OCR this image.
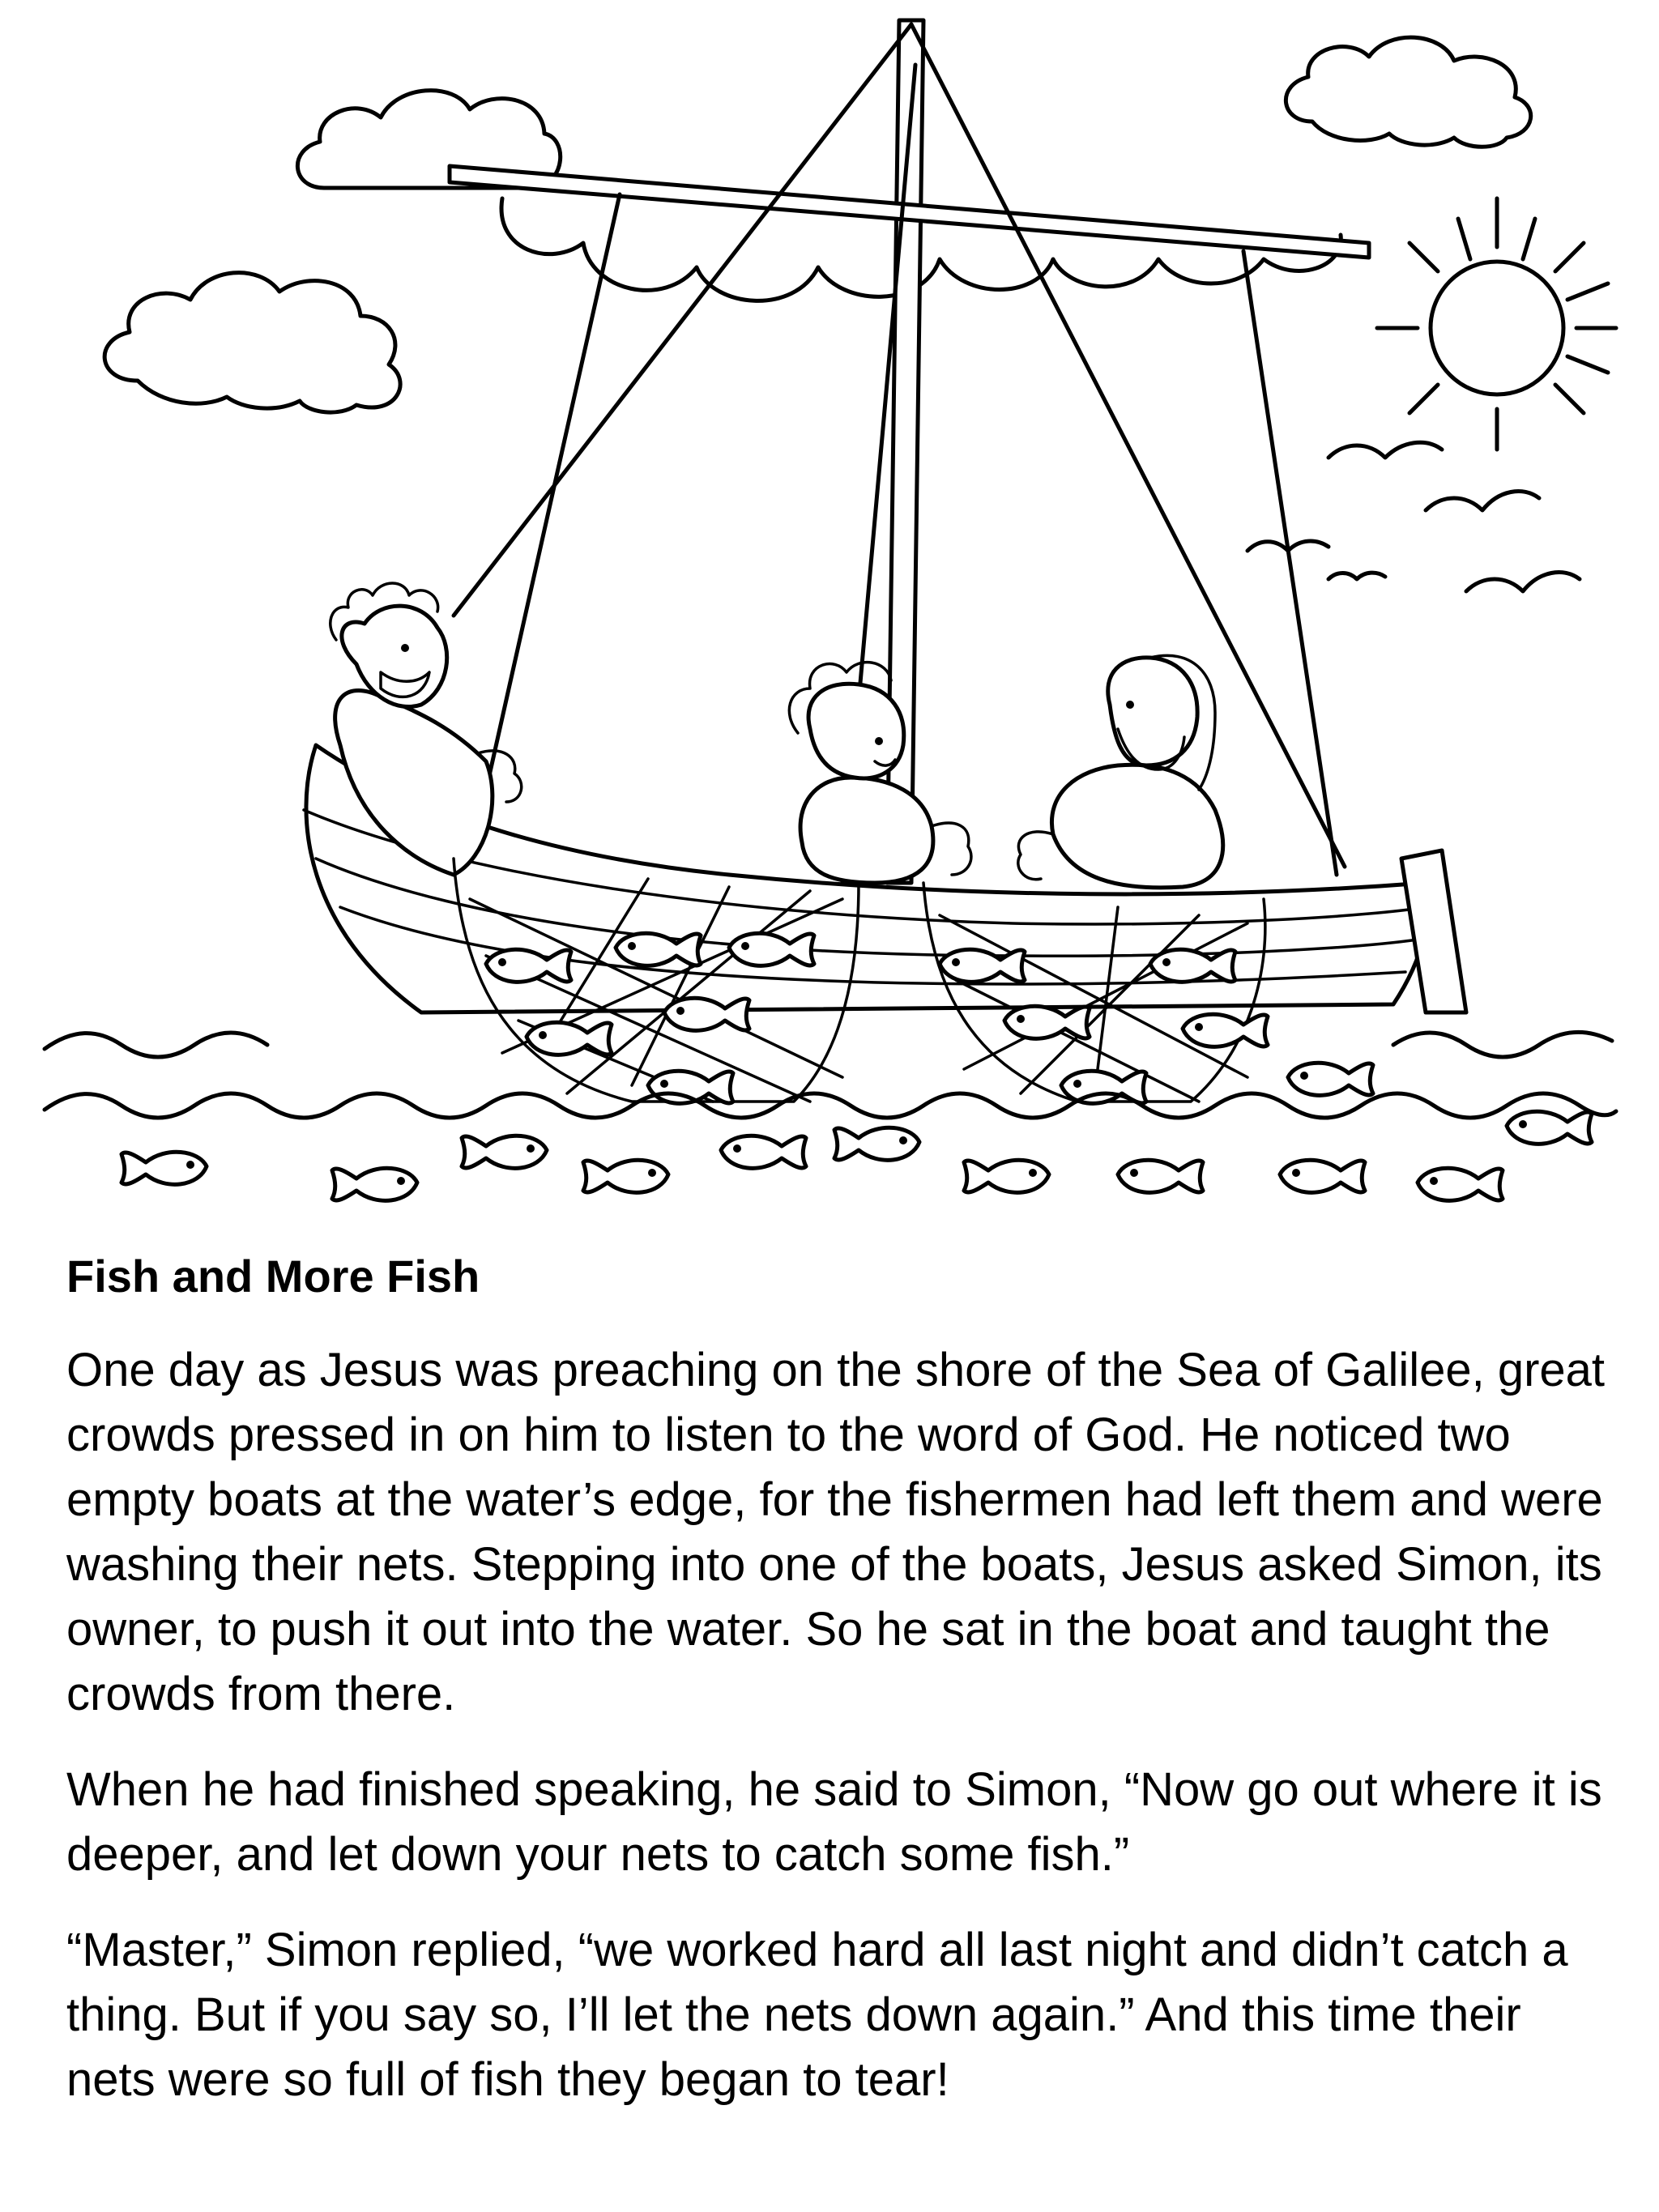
Fish and More Fish

One day as Jesus was preaching on the shore of the Sea of Galilee, great crowds pressed in on him to listen to the word of God. He noticed two empty boats at the water’s edge, for the fishermen had left them and were washing their nets. Stepping into one of the boats, Jesus asked Simon, its owner, to push it out into the water. So he sat in the boat and taught the crowds from there.

When he had finished speaking, he said to Simon, “Now go out where it is deeper, and let down your nets to catch some fish.”

“Master,” Simon replied, “we worked hard all last night and didn’t catch a thing. But if you say so, I’ll let the nets down again.” And this time their nets were so full of fish they began to tear!
